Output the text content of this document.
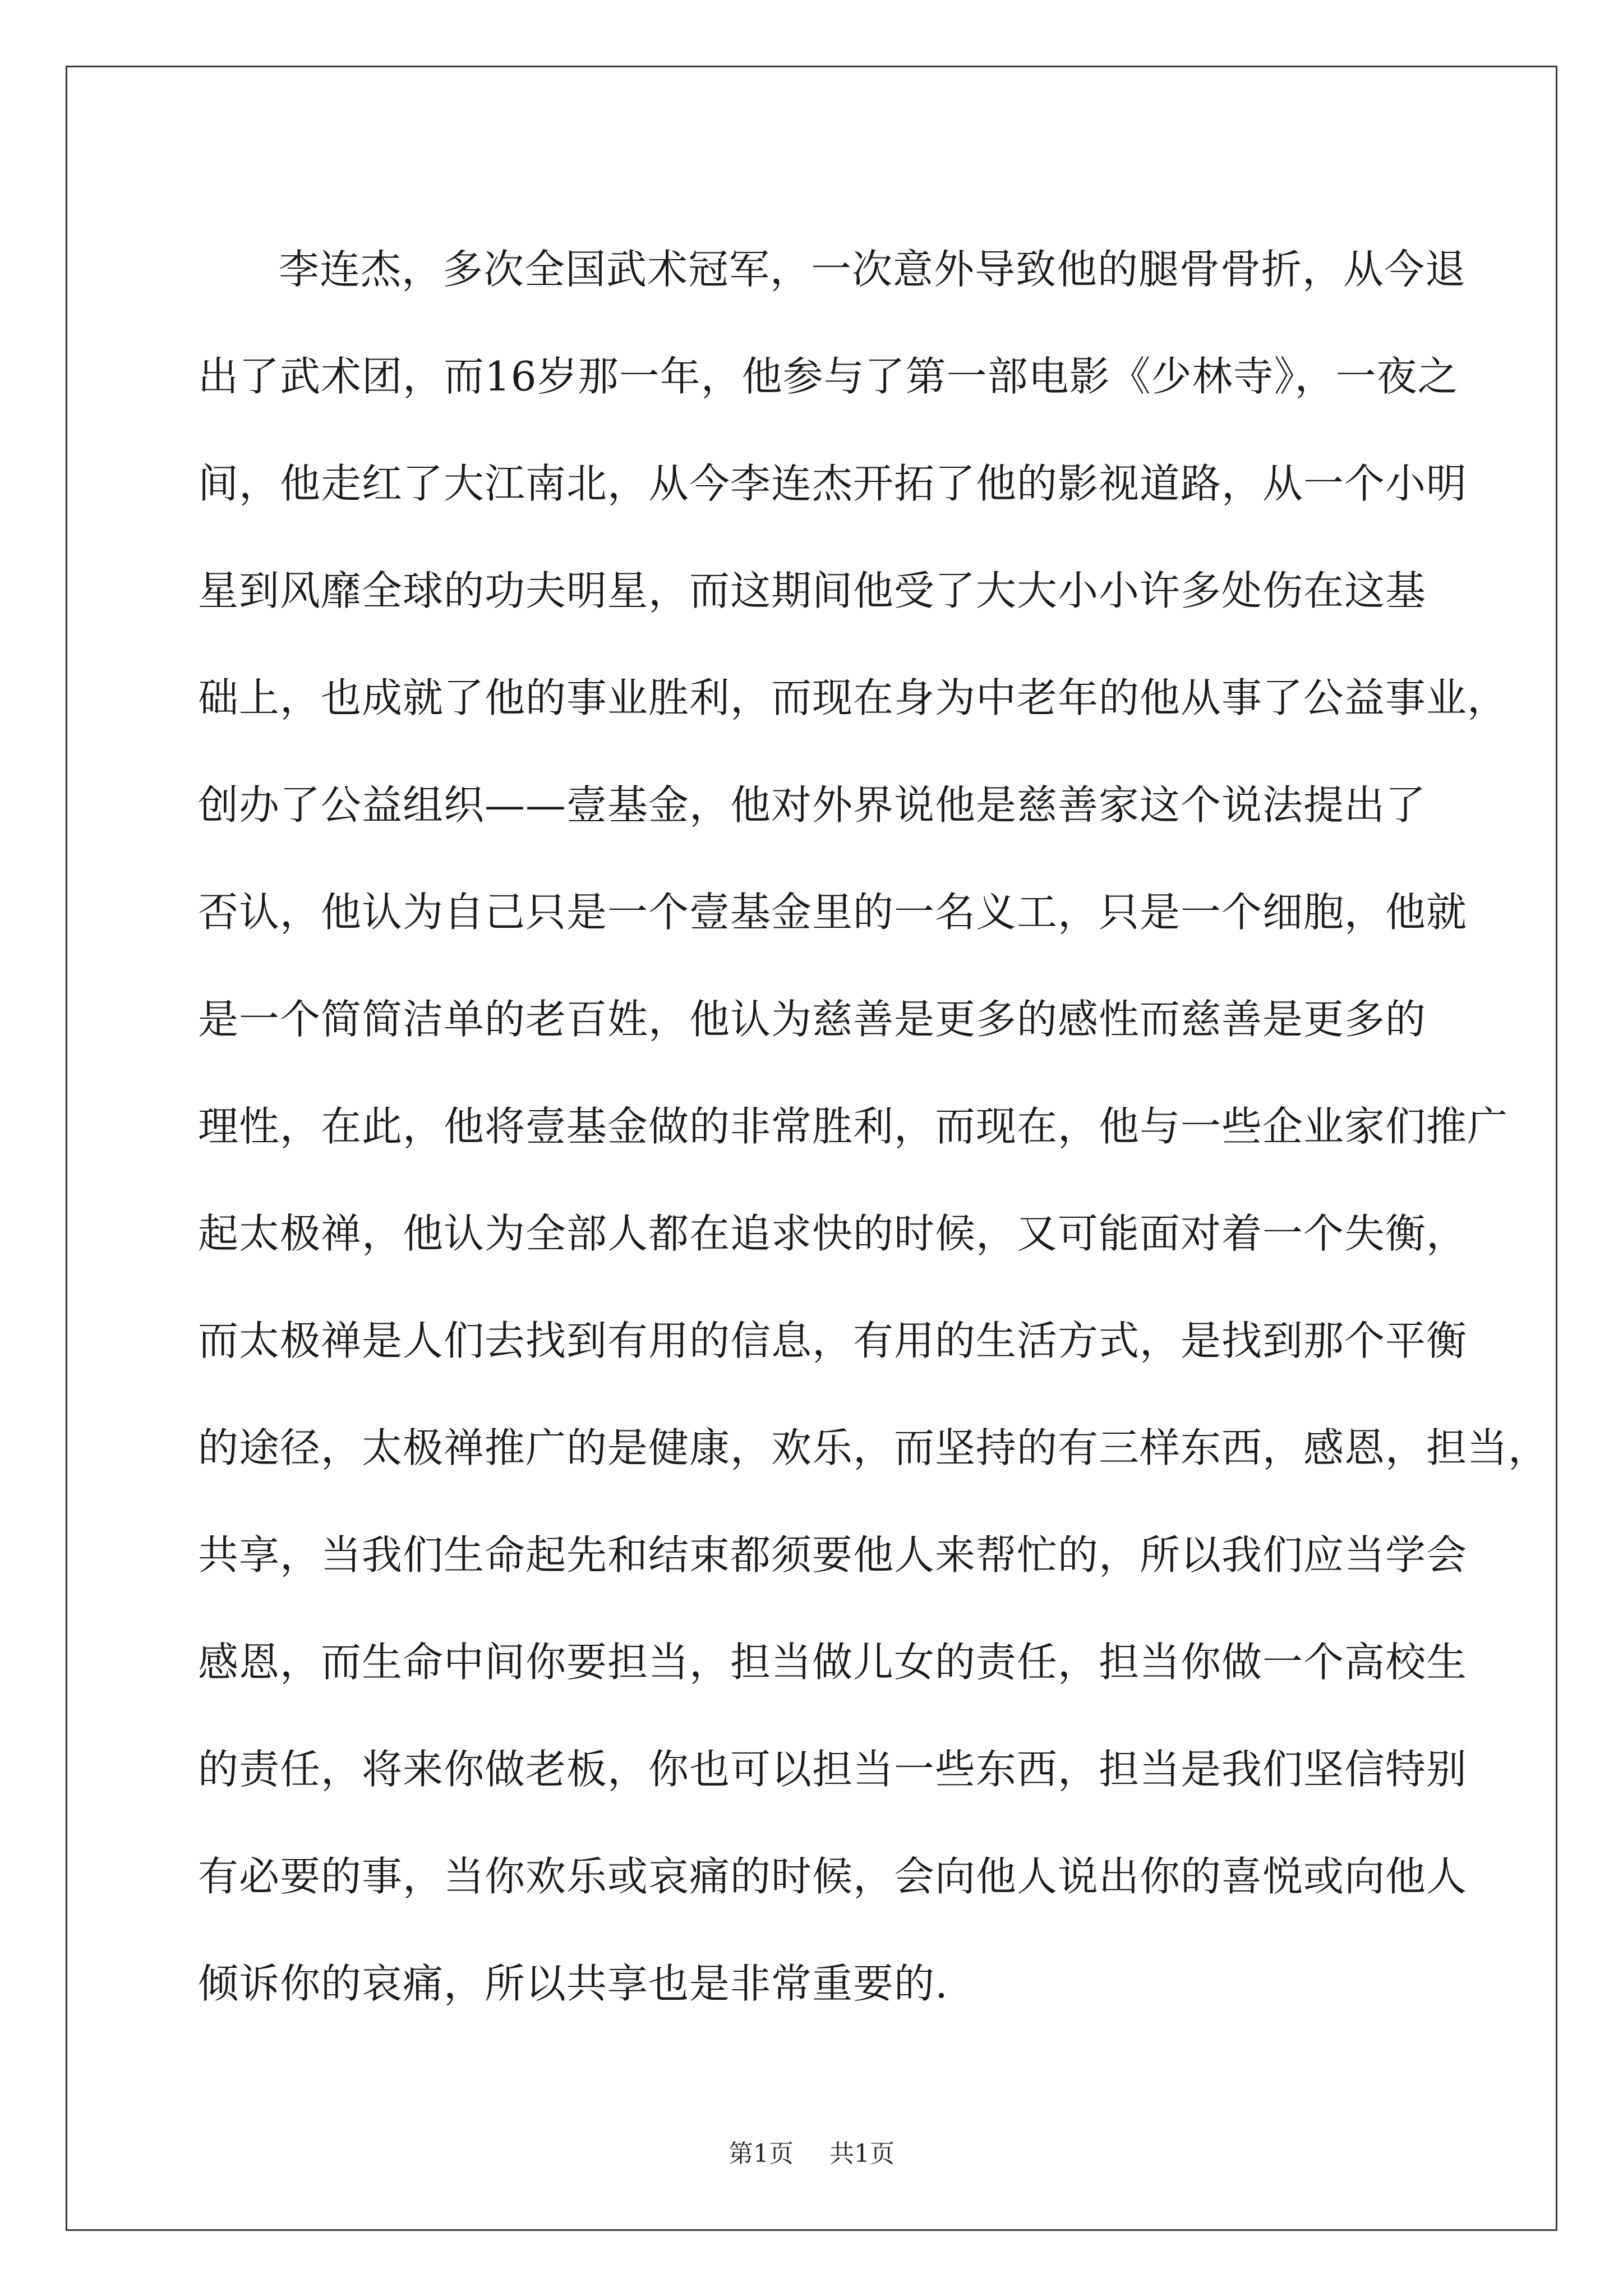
李连杰，多次全国武术冠军，一次意外导致他的腿骨骨折，从今退
出了武术团，而16岁那一年，他参与了第一部电影《少林寺》，一夜之
间，他走红了大江南北，从今李连杰开拓了他的影视道路，从一个小明
星到风靡全球的功夫明星，而这期间他受了大大小小许多处伤在这基
础上，也成就了他的事业胜利，而现在身为中老年的他从事了公益事业，
创办了公益组织——壹基金，他对外界说他是慈善家这个说法提出了
否认，他认为自己只是一个壹基金里的一名义工，只是一个细胞，他就
是一个简简洁单的老百姓，他认为慈善是更多的感性而慈善是更多的
理性，在此，他将壹基金做的非常胜利，而现在，他与一些企业家们推广
起太极禅，他认为全部人都在追求快的时候，又可能面对着一个失衡，
而太极禅是人们去找到有用的信息，有用的生活方式，是找到那个平衡
的途径，太极禅推广的是健康，欢乐，而坚持的有三样东西，感恩，担当，
共享，当我们生命起先和结束都须要他人来帮忙的，所以我们应当学会
感恩，而生命中间你要担当，担当做儿女的责任，担当你做一个高校生
的责任，将来你做老板，你也可以担当一些东西，担当是我们坚信特别
有必要的事，当你欢乐或哀痛的时候，会向他人说出你的喜悦或向他人
倾诉你的哀痛，所以共享也是非常重要的.
第1页 共1页
